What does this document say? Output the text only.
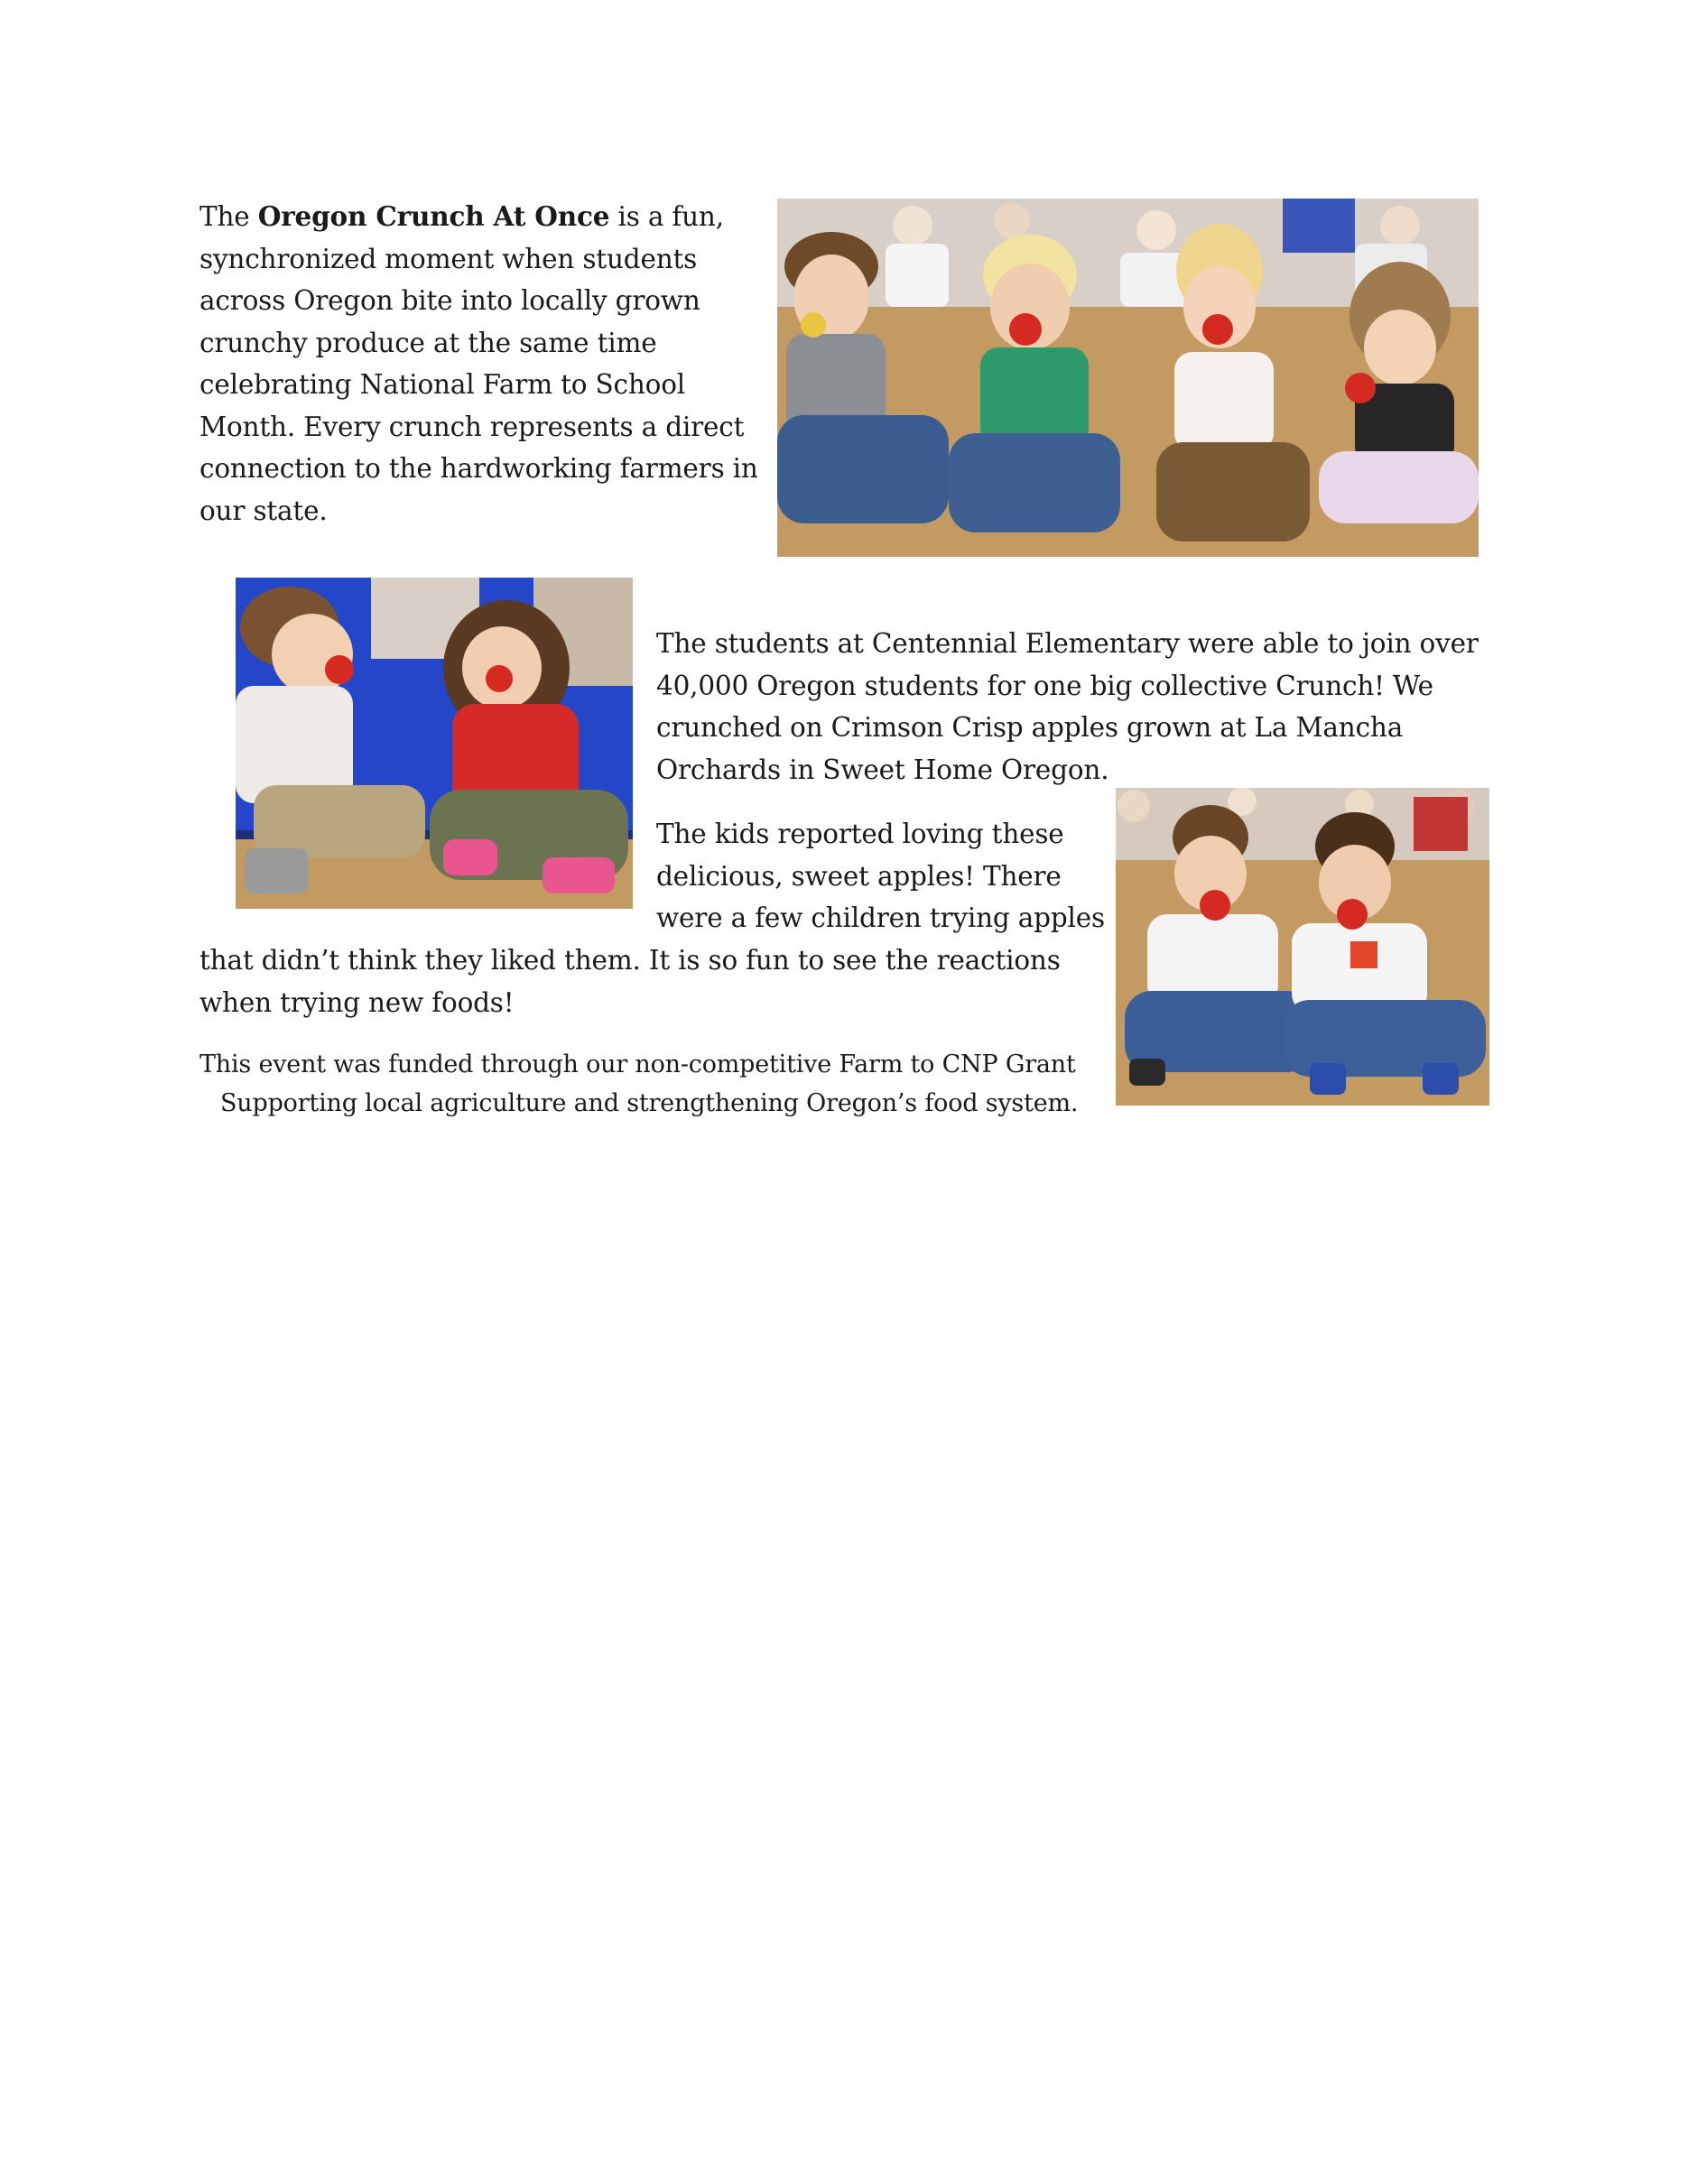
The Oregon Crunch At Once is a fun,
synchronized moment when students
across Oregon bite into locally grown
crunchy produce at the same time
celebrating National Farm to School
Month. Every crunch represents a direct
connection to the hardworking farmers in
our state.
The students at Centennial Elementary were able to join over
40,000 Oregon students for one big collective Crunch! We
crunched on Crimson Crisp apples grown at La Mancha
Orchards in Sweet Home Oregon.
The kids reported loving these
delicious, sweet apples! There
were a few children trying apples
that didn’t think they liked them. It is so fun to see the reactions
when trying new foods!
This event was funded through our non-competitive Farm to CNP Grant
Supporting local agriculture and strengthening Oregon’s food system.
